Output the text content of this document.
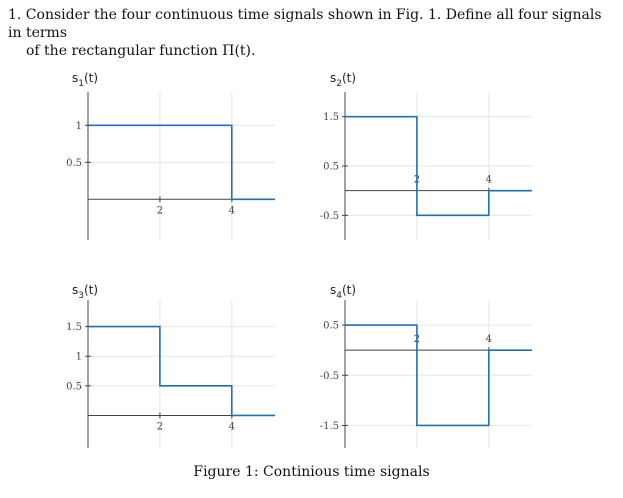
1. Consider the four continuous time signals shown in Fig. 1. Define all four signals in terms
of the rectangular function Π(t).

2	4
1
0.5
$s_1(t)$
2	4
1.5
0.5
-0.5
$s_2(t)$
2	4
1.5
1
0.5
$s_3(t)$
2	4
0.5
-0.5
-1.5
$s_4(t)$
Figure 1: Continious time signals
